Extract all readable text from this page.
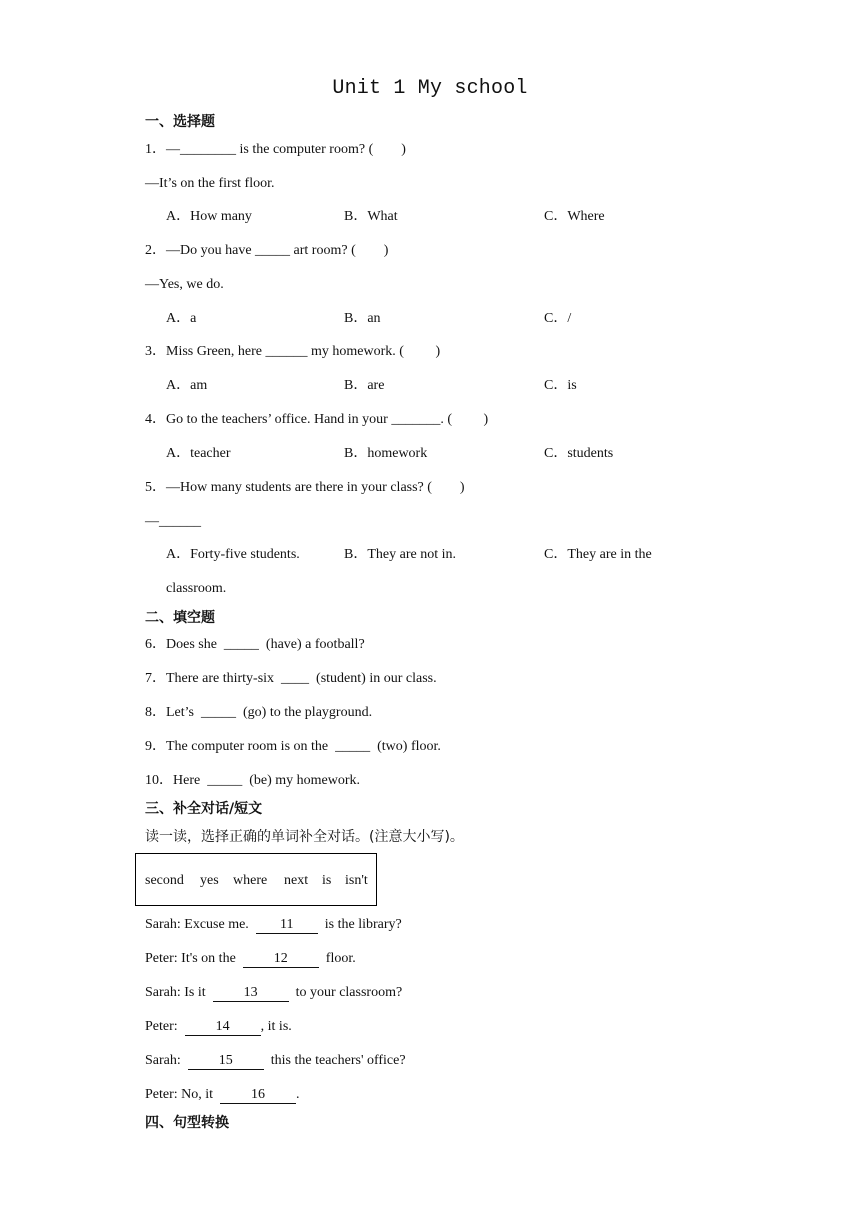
Unit 1 My school
一、选择题
1．—________ is the computer room? (　　)
—It’s on the first floor.
A．How many	B．What	C．Where
2．—Do you have _____ art room? (　　)
—Yes, we do.
A．a	B．an	C．/
3．Miss Green, here ______ my homework. (　　 )
A．am	B．are	C．is
4．Go to the teachers’ office. Hand in your _______. (　　 )
A．teacher	B．homework	C．students
5．—How many students are there in your class? (　　)
—______
A．Forty-five students.	B．They are not in.	C．They are in the
classroom.
二、填空题
6．Does she  _____  (have) a football?
7．There are thirty-six  ____  (student) in our class.
8．Let’s  _____  (go) to the playground.
9．The computer room is on the  _____  (two) floor.
10．Here  _____  (be) my homework.
三、补全对话/短文
读一读，选择正确的单词补全对话。(注意大小写)。
second yes where next is isn't
Sarah: Excuse me.  11  is the library?
Peter: It's on the  12  floor.
Sarah: Is it  13  to your classroom?
Peter:  14 , it is.
Sarah:  15  this the teachers' office?
Peter: No, it  16 .
四、句型转换
